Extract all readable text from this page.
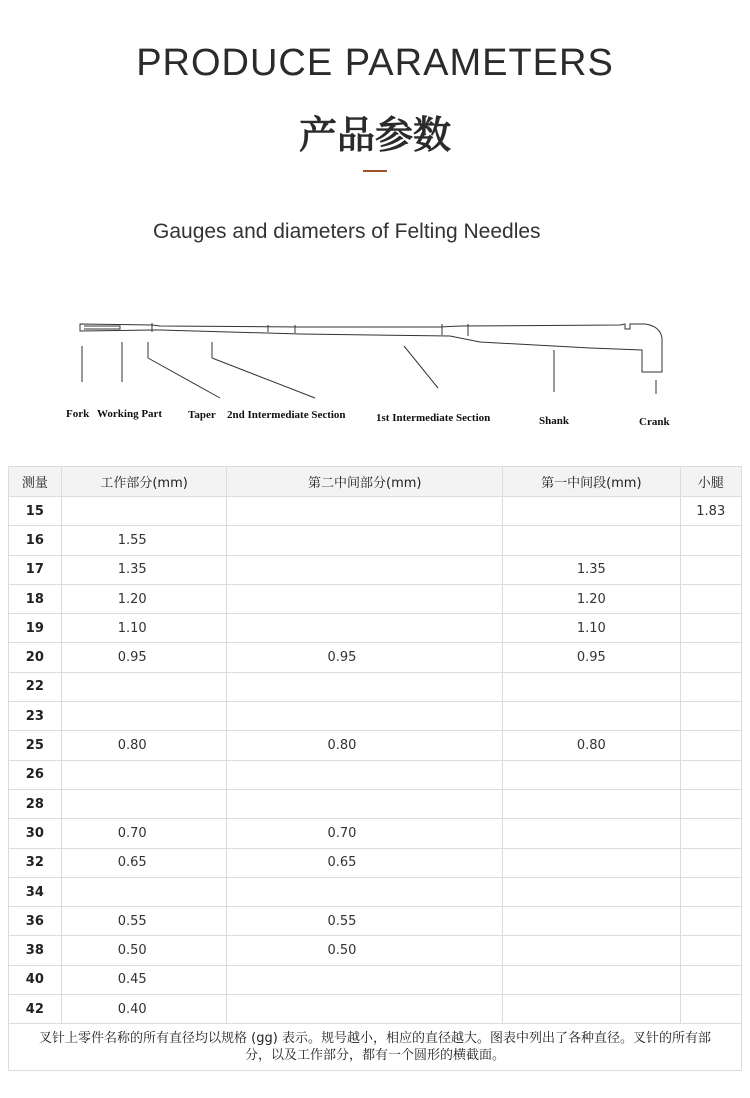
PRODUCE PARAMETERS
产品参数
Gauges and diameters of Felting Needles
Fork Working Part Taper 2nd Intermediate Section	1st Intermediate Section	Shank	Crank
测量	工作部分(mm)	第二中间部分(mm)	第一中间段(mm)	小腿
15				1.83
16	1.55			
17	1.35		1.35	
18	1.20		1.20	
19	1.10		1.10	
20	0.95	0.95	0.95	
22				
23				
25	0.80	0.80	0.80	
26				
28				
30	0.70	0.70		
32	0.65	0.65		
34				
36	0.55	0.55		
38	0.50	0.50		
40	0.45			
42	0.40			
叉针上零件名称的所有直径均以规格 (gg) 表示。规号越小，相应的直径越大。图表中列出了各种直径。叉针的所有部分，以及工作部分，都有一个圆形的横截面。				
